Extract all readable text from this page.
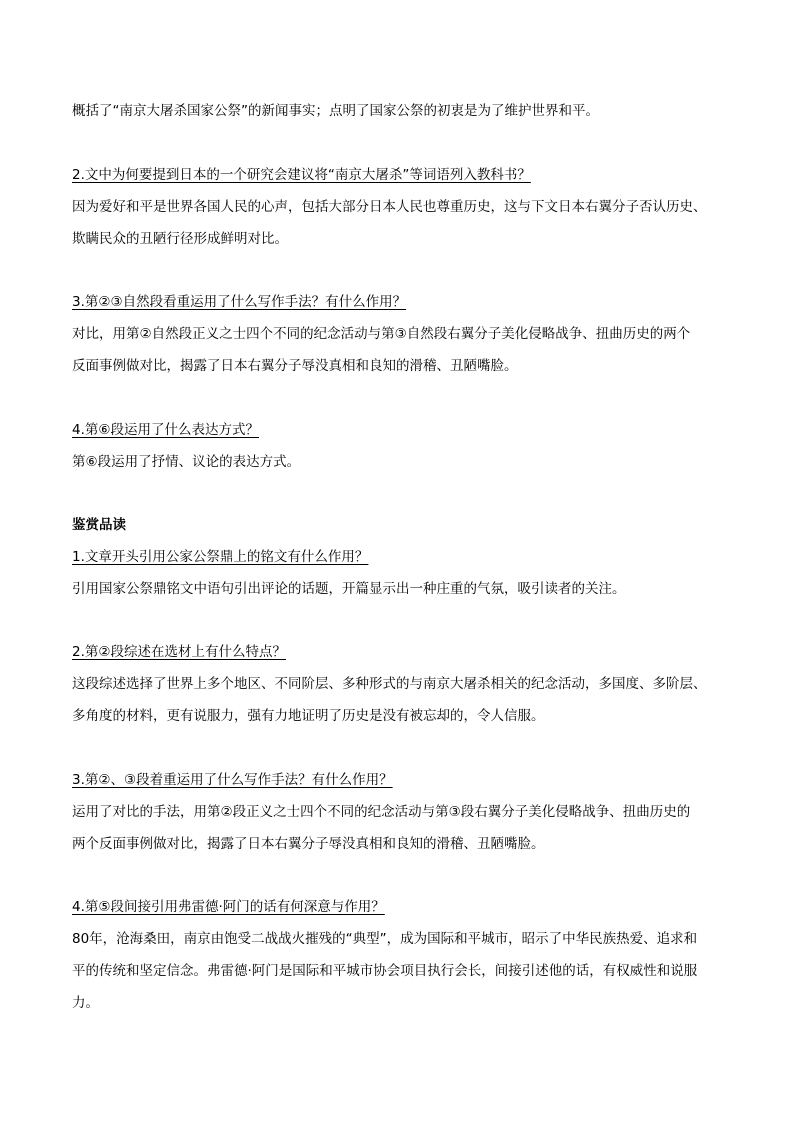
概括了“南京大屠杀国家公祭”的新闻事实；点明了国家公祭的初衷是为了维护世界和平。
2.文中为何要提到日本的一个研究会建议将“南京大屠杀”等词语列入教科书？
因为爱好和平是世界各国人民的心声，包括大部分日本人民也尊重历史，这与下文日本右翼分子否认历史、
欺瞒民众的丑陋行径形成鲜明对比。
3.第②③自然段看重运用了什么写作手法？有什么作用？
对比，用第②自然段正义之士四个不同的纪念活动与第③自然段右翼分子美化侵略战争、扭曲历史的两个
反面事例做对比，揭露了日本右翼分子辱没真相和良知的滑稽、丑陋嘴脸。
4.第⑥段运用了什么表达方式？
第⑥段运用了抒情、议论的表达方式。
鉴赏品读
1.文章开头引用公家公祭鼎上的铭文有什么作用？
引用国家公祭鼎铭文中语句引出评论的话题，开篇显示出一种庄重的气氛，吸引读者的关注。
2.第②段综述在选材上有什么特点？
这段综述选择了世界上多个地区、不同阶层、多种形式的与南京大屠杀相关的纪念活动，多国度、多阶层、
多角度的材料，更有说服力，强有力地证明了历史是没有被忘却的，令人信服。
3.第②、③段着重运用了什么写作手法？有什么作用？
运用了对比的手法，用第②段正义之士四个不同的纪念活动与第③段右翼分子美化侵略战争、扭曲历史的
两个反面事例做对比，揭露了日本右翼分子辱没真相和良知的滑稽、丑陋嘴脸。
4.第⑤段间接引用弗雷德·阿门的话有何深意与作用？
80年，沧海桑田，南京由饱受二战战火摧残的“典型”，成为国际和平城市，昭示了中华民族热爱、追求和
平的传统和坚定信念。弗雷德·阿门是国际和平城市协会项目执行会长，间接引述他的话，有权威性和说服
力。
